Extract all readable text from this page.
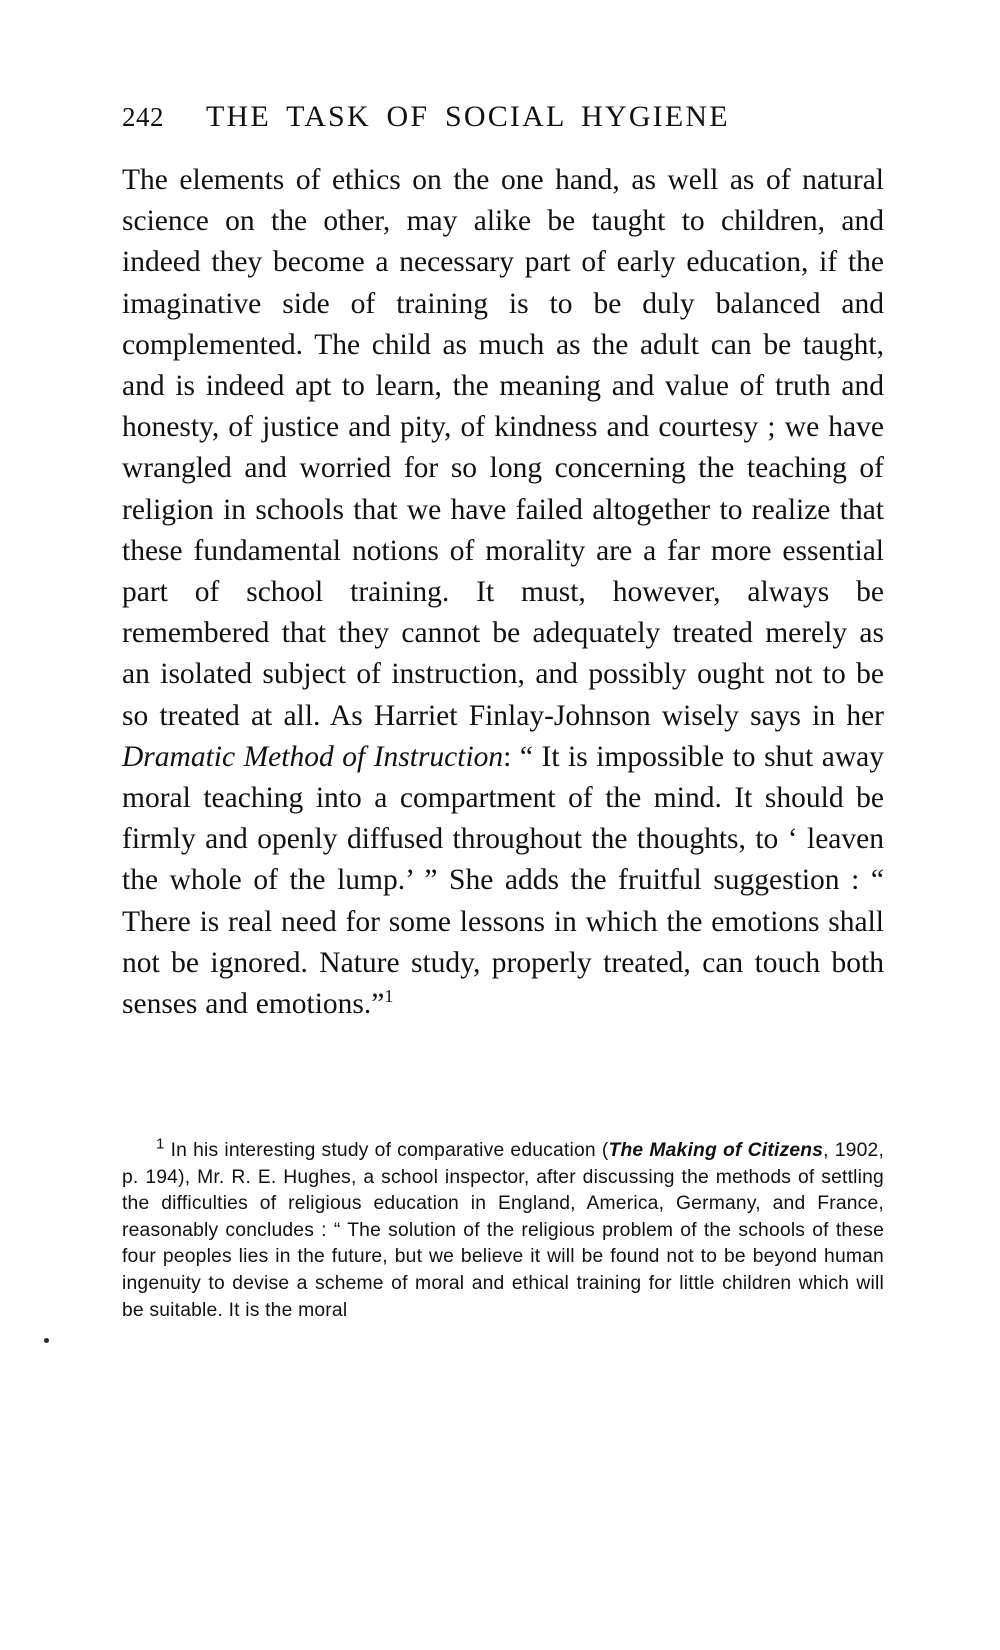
242 THE TASK OF SOCIAL HYGIENE

The elements of ethics on the one hand, as well as of natural science on the other, may alike be taught to children, and indeed they become a necessary part of early education, if the imaginative side of training is to be duly balanced and complemented. The child as much as the adult can be taught, and is indeed apt to learn, the meaning and value of truth and honesty, of justice and pity, of kindness and courtesy ; we have wrangled and worried for so long concerning the teaching of religion in schools that we have failed altogether to realize that these fundamental notions of morality are a far more essential part of school training. It must, however, always be remembered that they cannot be adequately treated merely as an isolated subject of instruction, and possibly ought not to be so treated at all. As Harriet Finlay-Johnson wisely says in her Dramatic Method of Instruction: “ It is impossible to shut away moral teaching into a compartment of the mind. It should be firmly and openly diffused throughout the thoughts, to ‘ leaven the whole of the lump.’ ” She adds the fruitful suggestion : “ There is real need for some lessons in which the emotions shall not be ignored. Nature study, properly treated, can touch both senses and emotions.”$^1$

$^1$ In his interesting study of comparative education (The Making of Citizens, 1902, p. 194), Mr. R. E. Hughes, a school inspector, after discussing the methods of settling the difficulties of religious education in England, America, Germany, and France, reasonably concludes : “ The solution of the religious problem of the schools of these four peoples lies in the future, but we believe it will be found not to be beyond human ingenuity to devise a scheme of moral and ethical training for little children which will be suitable. It is the moral
